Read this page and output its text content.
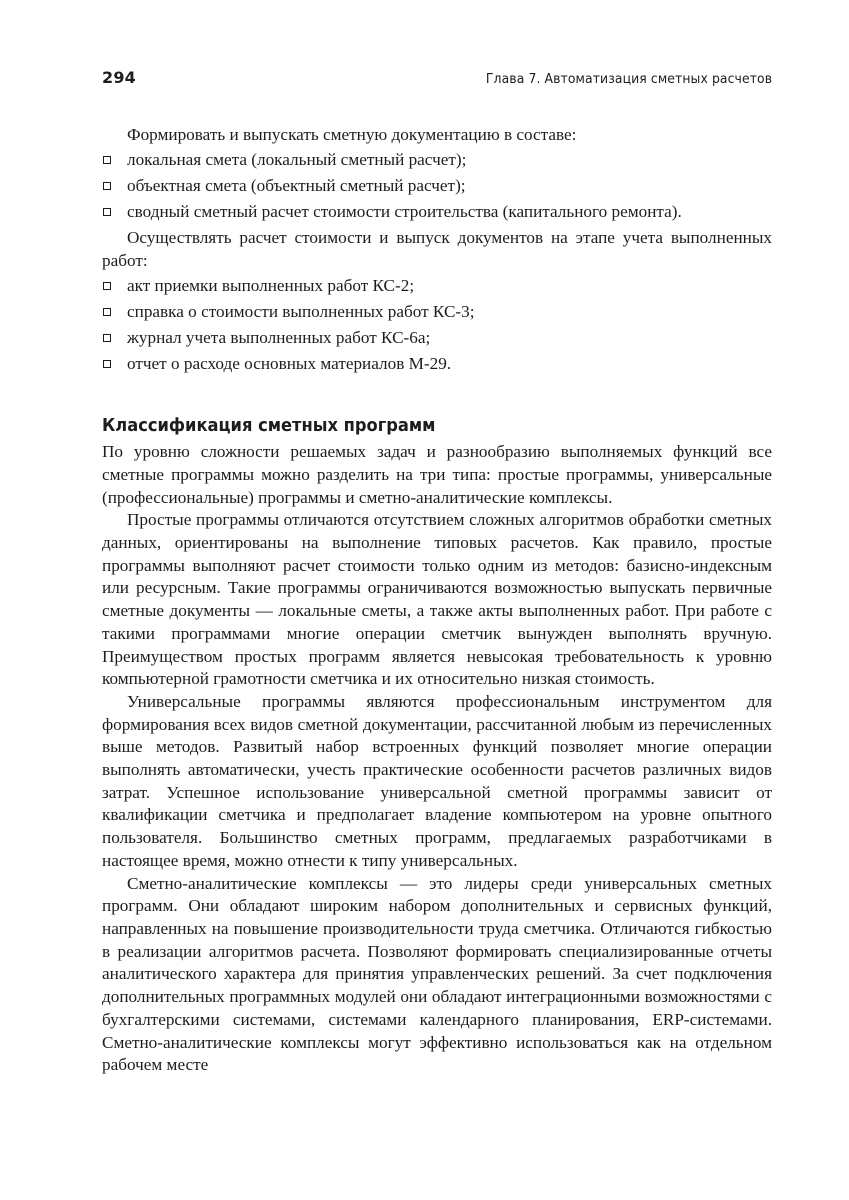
294	Глава 7. Автоматизация сметных расчетов

Формировать и выпускать сметную документацию в составе:

локальная смета (локальный сметный расчет);
объектная смета (объектный сметный расчет);
сводный сметный расчет стоимости строительства (капитального ремонта).

Осуществлять расчет стоимости и выпуск документов на этапе учета выполненных работ:

акт приемки выполненных работ КС-2;
справка о стоимости выполненных работ КС-3;
журнал учета выполненных работ КС-6а;
отчет о расходе основных материалов М-29.
Классификация сметных программ

По уровню сложности решаемых задач и разнообразию выполняемых функций все сметные программы можно разделить на три типа: простые программы, универсальные (профессиональные) программы и сметно-аналитические комплексы.

Простые программы отличаются отсутствием сложных алгоритмов обработки сметных данных, ориентированы на выполнение типовых расчетов. Как правило, простые программы выполняют расчет стоимости только одним из методов: базисно-индексным или ресурсным. Такие программы ограничиваются возможностью выпускать первичные сметные документы — локальные сметы, а также акты выполненных работ. При работе с такими программами многие операции сметчик вынужден выполнять вручную. Преимуществом простых программ является невысокая требовательность к уровню компьютерной грамотности сметчика и их относительно низкая стоимость.

Универсальные программы являются профессиональным инструментом для формирования всех видов сметной документации, рассчитанной любым из перечисленных выше методов. Развитый набор встроенных функций позволяет многие операции выполнять автоматически, учесть практические особенности расчетов различных видов затрат. Успешное использование универсальной сметной программы зависит от квалификации сметчика и предполагает владение компьютером на уровне опытного пользователя. Большинство сметных программ, предлагаемых разработчиками в настоящее время, можно отнести к типу универсальных.

Сметно-аналитические комплексы — это лидеры среди универсальных сметных программ. Они обладают широким набором дополнительных и сервисных функций, направленных на повышение производительности труда сметчика. Отличаются гибкостью в реализации алгоритмов расчета. Позволяют формировать специализированные отчеты аналитического характера для принятия управленческих решений. За счет подключения дополнительных программных модулей они обладают интеграционными возможностями с бухгалтерскими системами, системами календарного планирования, ERP-системами. Сметно-аналитические комплексы могут эффективно использоваться как на отдельном рабочем месте
